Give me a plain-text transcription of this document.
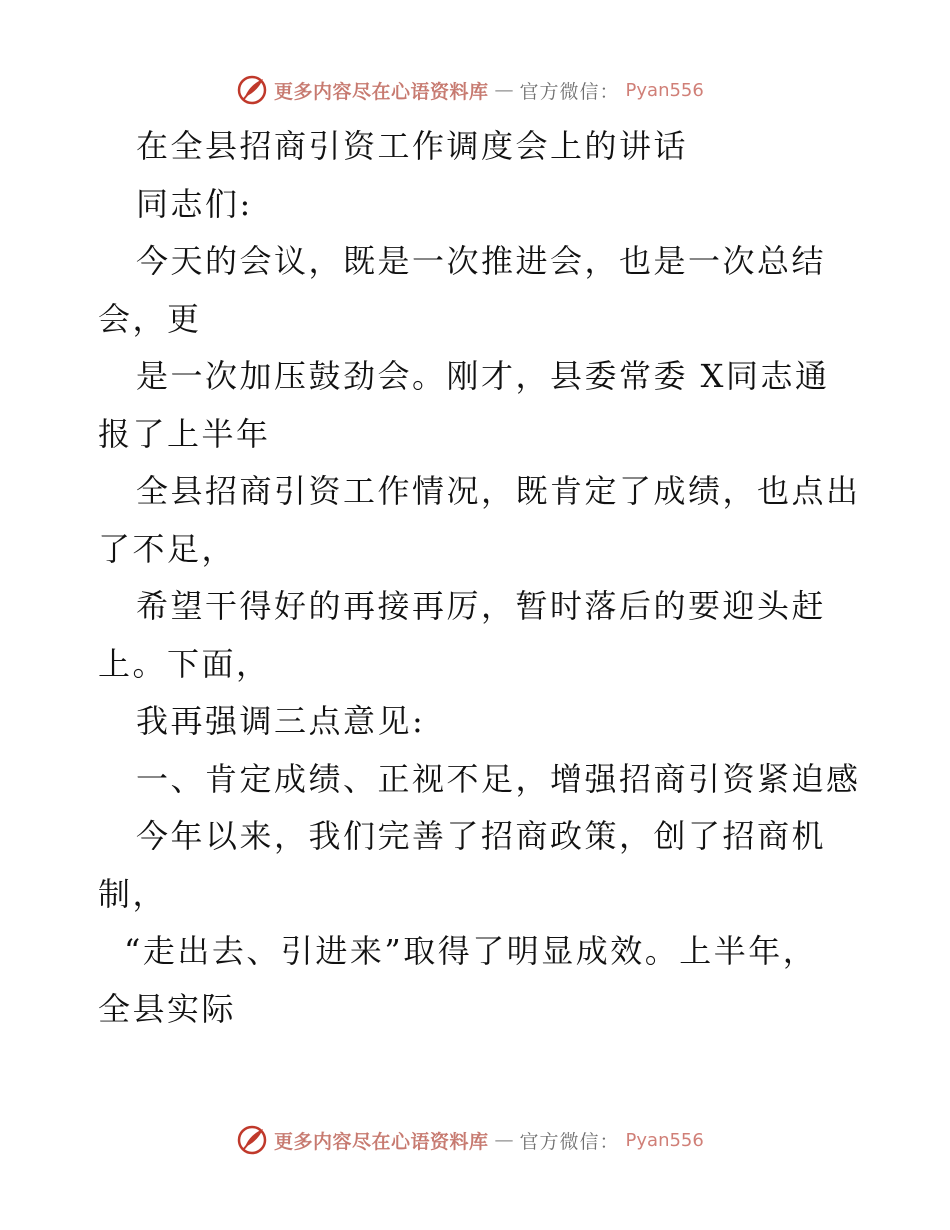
更多内容尽在心语资料库 — 官方微信： Pyan556

在全县招商引资工作调度会上的讲话

同志们:

今天的会议，既是一次推进会，也是一次总结

会，更

是一次加压鼓劲会。刚才，县委常委 X同志通

报了上半年

全县招商引资工作情况，既肯定了成绩，也点出

了不足，

希望干得好的再接再厉，暂时落后的要迎头赶

上。下面，

我再强调三点意见:

一、肯定成绩、正视不足，增强招商引资紧迫感

今年以来，我们完善了招商政策，创了招商机

制，

“走出去、引进来”取得了明显成效。上半年，

全县实际

更多内容尽在心语资料库 — 官方微信： Pyan556
